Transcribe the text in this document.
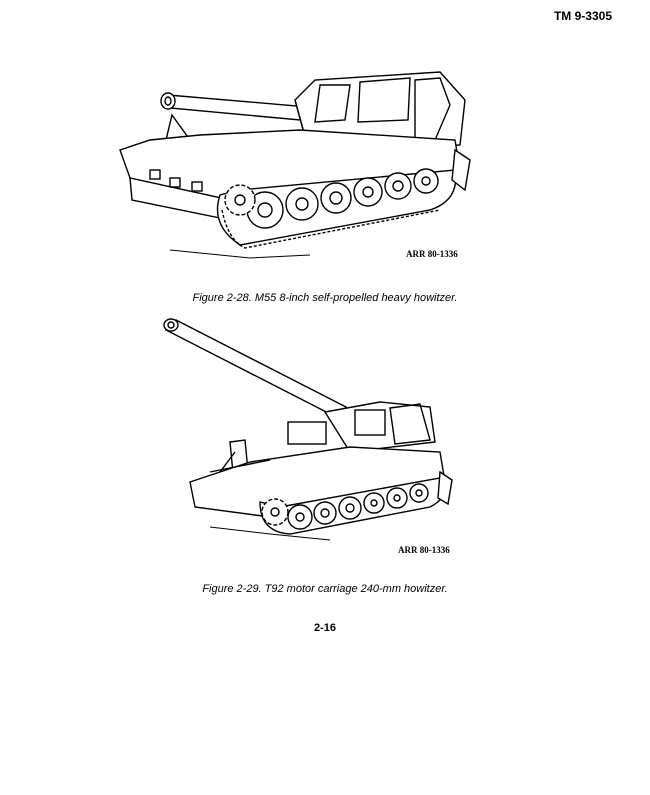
TM 9-3305
ARR 80-1336
Figure 2-28. M55 8-inch self-propelled heavy howitzer.
ARR 80-1336
Figure 2-29. T92 motor carriage 240-mm howitzer.
2-16
